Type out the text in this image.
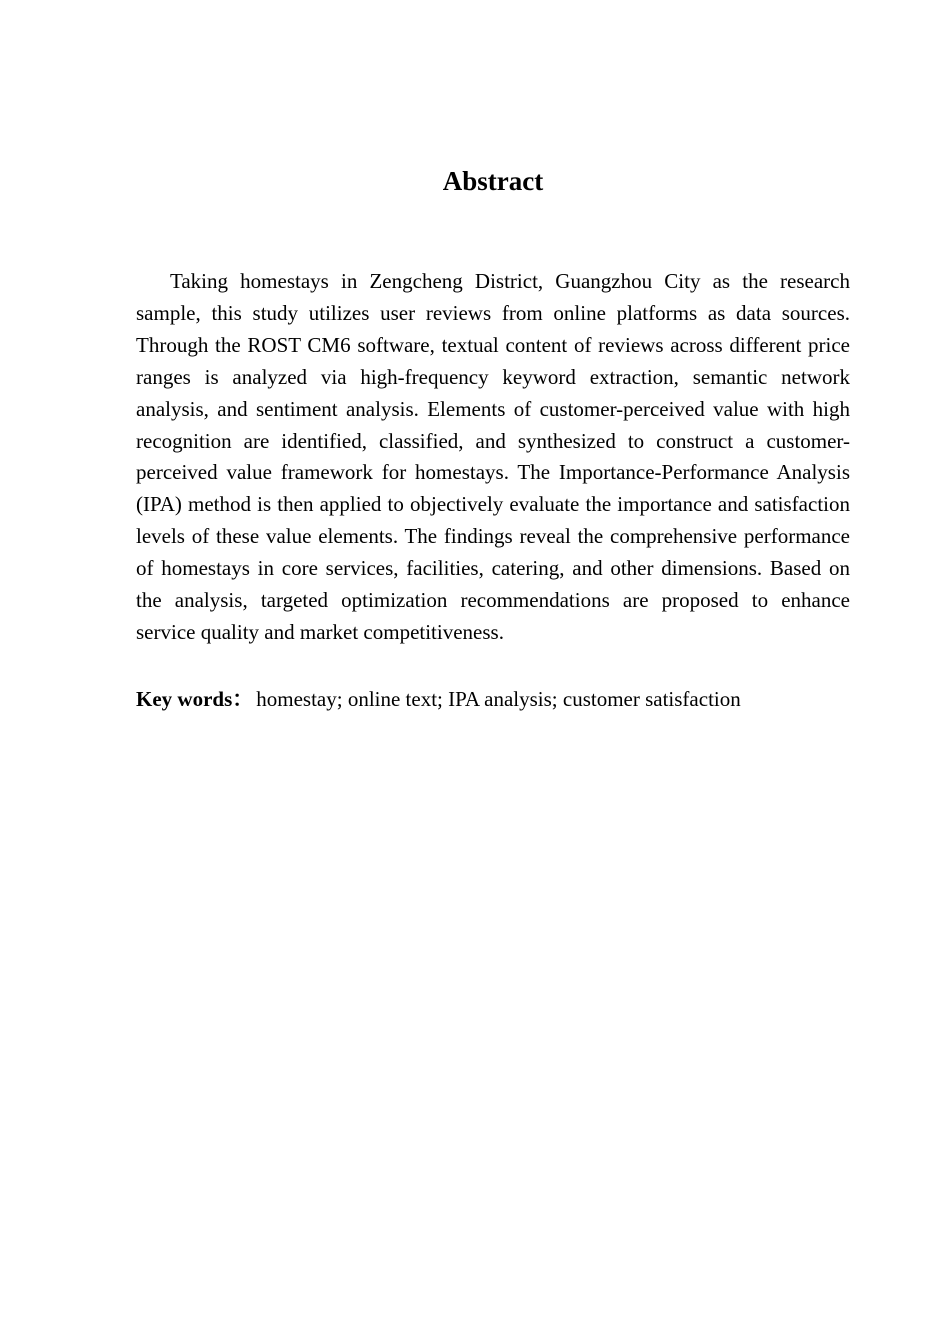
Abstract

Taking homestays in Zengcheng District, Guangzhou City as the research sample, this study utilizes user reviews from online platforms as data sources. Through the ROST CM6 software, textual content of reviews across different price ranges is analyzed via high-frequency keyword extraction, semantic network analysis, and sentiment analysis. Elements of customer-perceived value with high recognition are identified, classified, and synthesized to construct a customer-perceived value framework for homestays. The Importance-Performance Analysis (IPA) method is then applied to objectively evaluate the importance and satisfaction levels of these value elements. The findings reveal the comprehensive performance of homestays in core services, facilities, catering, and other dimensions. Based on the analysis, targeted optimization recommendations are proposed to enhance service quality and market competitiveness.

Key words： homestay; online text; IPA analysis; customer satisfaction
